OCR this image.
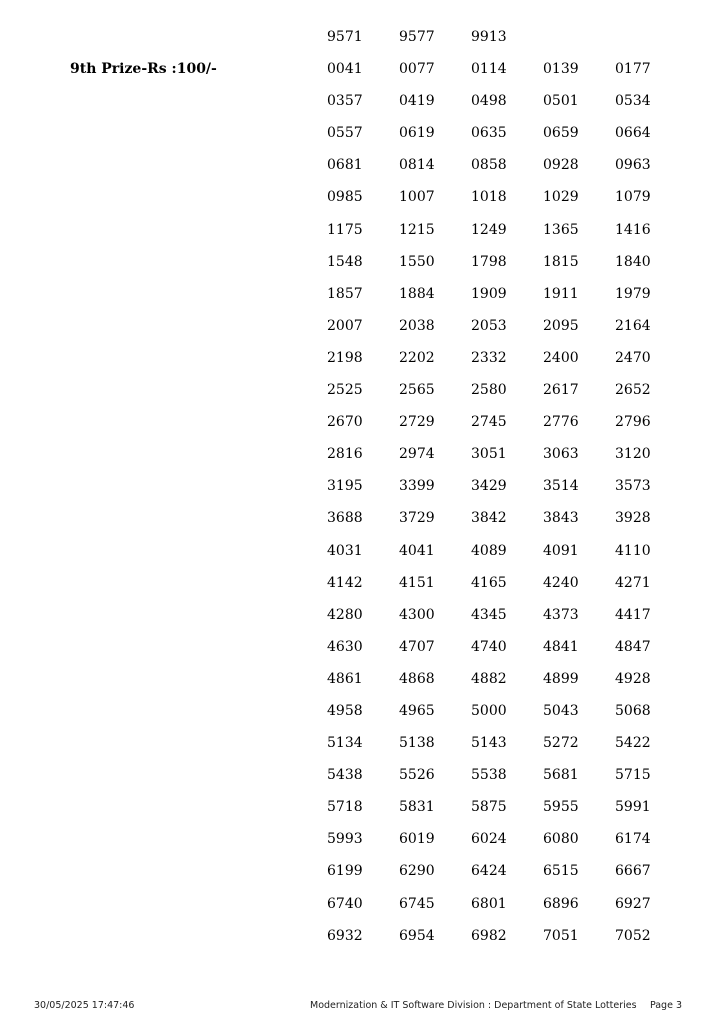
9th Prize-Rs :100/-
9571	9577	9913
0041	0077	0114	0139	0177
0357	0419	0498	0501	0534
0557	0619	0635	0659	0664
0681	0814	0858	0928	0963
0985	1007	1018	1029	1079
1175	1215	1249	1365	1416
1548	1550	1798	1815	1840
1857	1884	1909	1911	1979
2007	2038	2053	2095	2164
2198	2202	2332	2400	2470
2525	2565	2580	2617	2652
2670	2729	2745	2776	2796
2816	2974	3051	3063	3120
3195	3399	3429	3514	3573
3688	3729	3842	3843	3928
4031	4041	4089	4091	4110
4142	4151	4165	4240	4271
4280	4300	4345	4373	4417
4630	4707	4740	4841	4847
4861	4868	4882	4899	4928
4958	4965	5000	5043	5068
5134	5138	5143	5272	5422
5438	5526	5538	5681	5715
5718	5831	5875	5955	5991
5993	6019	6024	6080	6174
6199	6290	6424	6515	6667
6740	6745	6801	6896	6927
6932	6954	6982	7051	7052
30/05/2025 17:47:46	Modernization & IT Software Division : Department of State Lotteries Page 3
